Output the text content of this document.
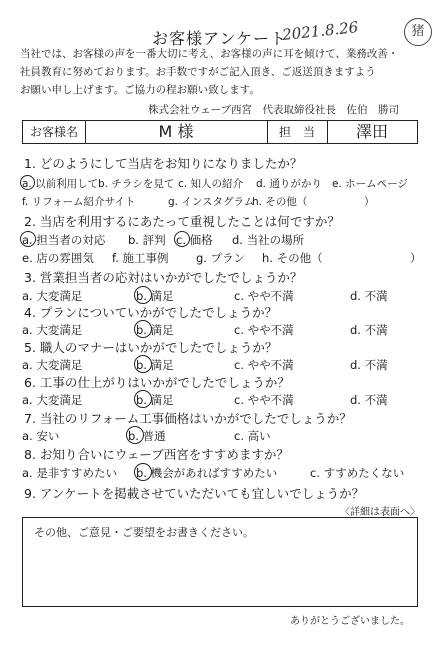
お客様アンケート
2021.8.26	猪
当社では、お客様の声を一番大切に考え、お客様の声に耳を傾けて、業務改善・
社員教育に努めております。お手数ですがご記入頂き、ご返送頂きますよう
お願い申し上げます。ご協力の程お願い致します。
株式会社ウェーブ西宮　代表取締役社長　佐伯　勝司
お客様名	M 様	担　当	澤田
1. どのようにして当店をお知りになりましたか？
a. 以前利用して b. チラシを見て c. 知人の紹介 d. 通りがかり e. ホームページ
f. リフォーム紹介サイト	g. インスタグラム
h. その他（	）
2. 当店を利用するにあたって重視したことは何ですか？
a. 担当者の対応 b. 評判 c. 価格 d. 当社の場所
e. 店の雰囲気 f. 施工事例 g. プラン h. その他（	）
3. 営業担当者の応対はいかがでしたでしょうか？
a. 大変満足	b. 満足	c. やや不満	d. 不満
4. プランについていかがでしたでしょうか？
a. 大変満足	b. 満足	c. やや不満	d. 不満
5. 職人のマナーはいかがでしたでしょうか？
a. 大変満足	b. 満足	c. やや不満	d. 不満
6. 工事の仕上がりはいかがでしたでしょうか？
a. 大変満足	b. 満足	c. やや不満	d. 不満
7. 当社のリフォーム工事価格はいかがでしたでしょうか？
a. 安い	b. 普通	c. 高い
8. お知り合いにウェーブ西宮をすすめますか？
a. 是非すすめたい b. 機会があればすすめたい	c. すすめたくない
9. アンケートを掲載させていただいても宜しいでしょうか？
〈詳細は表面へ〉
その他、ご意見・ご要望をお書きください。
ありがとうございました。
